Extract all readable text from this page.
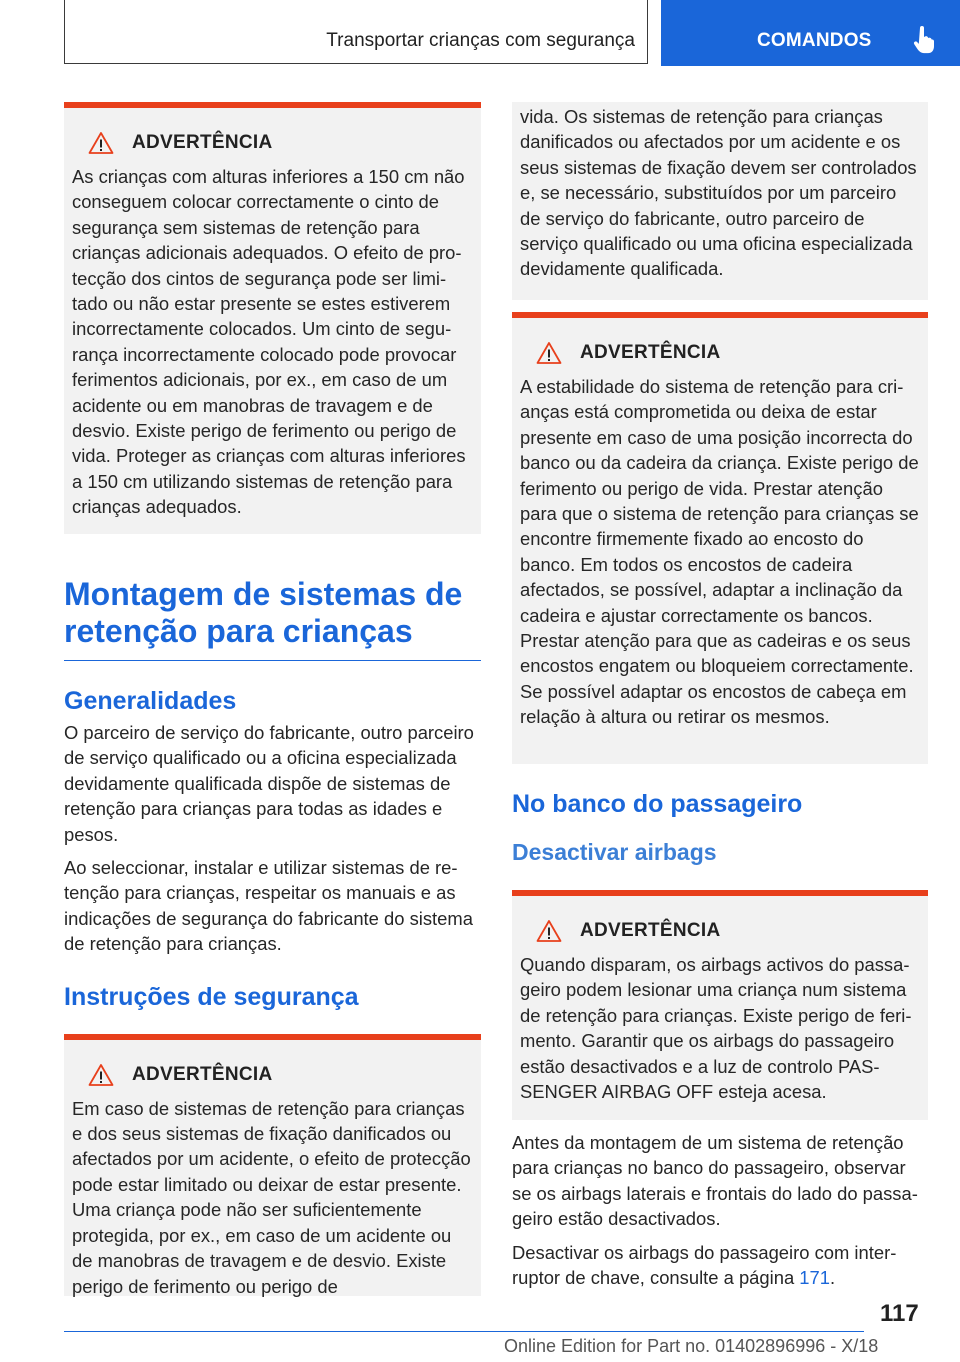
Transportar crianças com segurança	COMANDOS
ADVERTÊNCIA
As crianças com alturas inferiores a 150 cm não conseguem colocar correctamente o cinto de segurança sem sistemas de retenção para crianças adicionais adequados. O efeito de protecção dos cintos de segurança pode ser limitado ou não estar presente se estes estiverem incorrectamente colocados. Um cinto de segurança incorrectamente colocado pode provocar ferimentos adicionais, por ex., em caso de um acidente ou em manobras de travagem e de desvio. Existe perigo de ferimento ou perigo de vida. Proteger as crianças com alturas inferiores a 150 cm utilizando sistemas de retenção para crianças adequados.
Montagem de sistemas de retenção para crianças
Generalidades

O parceiro de serviço do fabricante, outro parceiro de serviço qualificado ou a oficina especializada devidamente qualificada dispõe de sistemas de retenção para crianças para todas as idades e pesos.

Ao seleccionar, instalar e utilizar sistemas de retenção para crianças, respeitar os manuais e as indicações de segurança do fabricante do sistema de retenção para crianças.

Instruções de segurança
ADVERTÊNCIA
Em caso de sistemas de retenção para crianças e dos seus sistemas de fixação danificados ou afectados por um acidente, o efeito de protecção pode estar limitado ou deixar de estar presente. Uma criança pode não ser suficientemente protegida, por ex., em caso de um acidente ou de manobras de travagem e de desvio. Existe perigo de ferimento ou perigo de
vida. Os sistemas de retenção para crianças danificados ou afectados por um acidente e os seus sistemas de fixação devem ser controlados e, se necessário, substituídos por um parceiro de serviço do fabricante, outro parceiro de serviço qualificado ou uma oficina especializada devidamente qualificada.
ADVERTÊNCIA
A estabilidade do sistema de retenção para crianças está comprometida ou deixa de estar presente em caso de uma posição incorrecta do banco ou da cadeira da criança. Existe perigo de ferimento ou perigo de vida. Prestar atenção para que o sistema de retenção para crianças se encontre firmemente fixado ao encosto do banco. Em todos os encostos de cadeira afectados, se possível, adaptar a inclinação da cadeira e ajustar correctamente os bancos. Prestar atenção para que as cadeiras e os seus encostos engatem ou bloqueiem correctamente. Se possível adaptar os encostos de cabeça em relação à altura ou retirar os mesmos.
No banco do passageiro
Desactivar airbags
ADVERTÊNCIA
Quando disparam, os airbags activos do passageiro podem lesionar uma criança num sistema de retenção para crianças. Existe perigo de ferimento. Garantir que os airbags do passageiro estão desactivados e a luz de controlo PASSENGER AIRBAG OFF esteja acesa.

Antes da montagem de um sistema de retenção para crianças no banco do passageiro, observar se os airbags laterais e frontais do lado do passageiro estão desactivados.

Desactivar os airbags do passageiro com interruptor de chave, consulte a página 171.

117
Online Edition for Part no. 01402896996 - X/18
